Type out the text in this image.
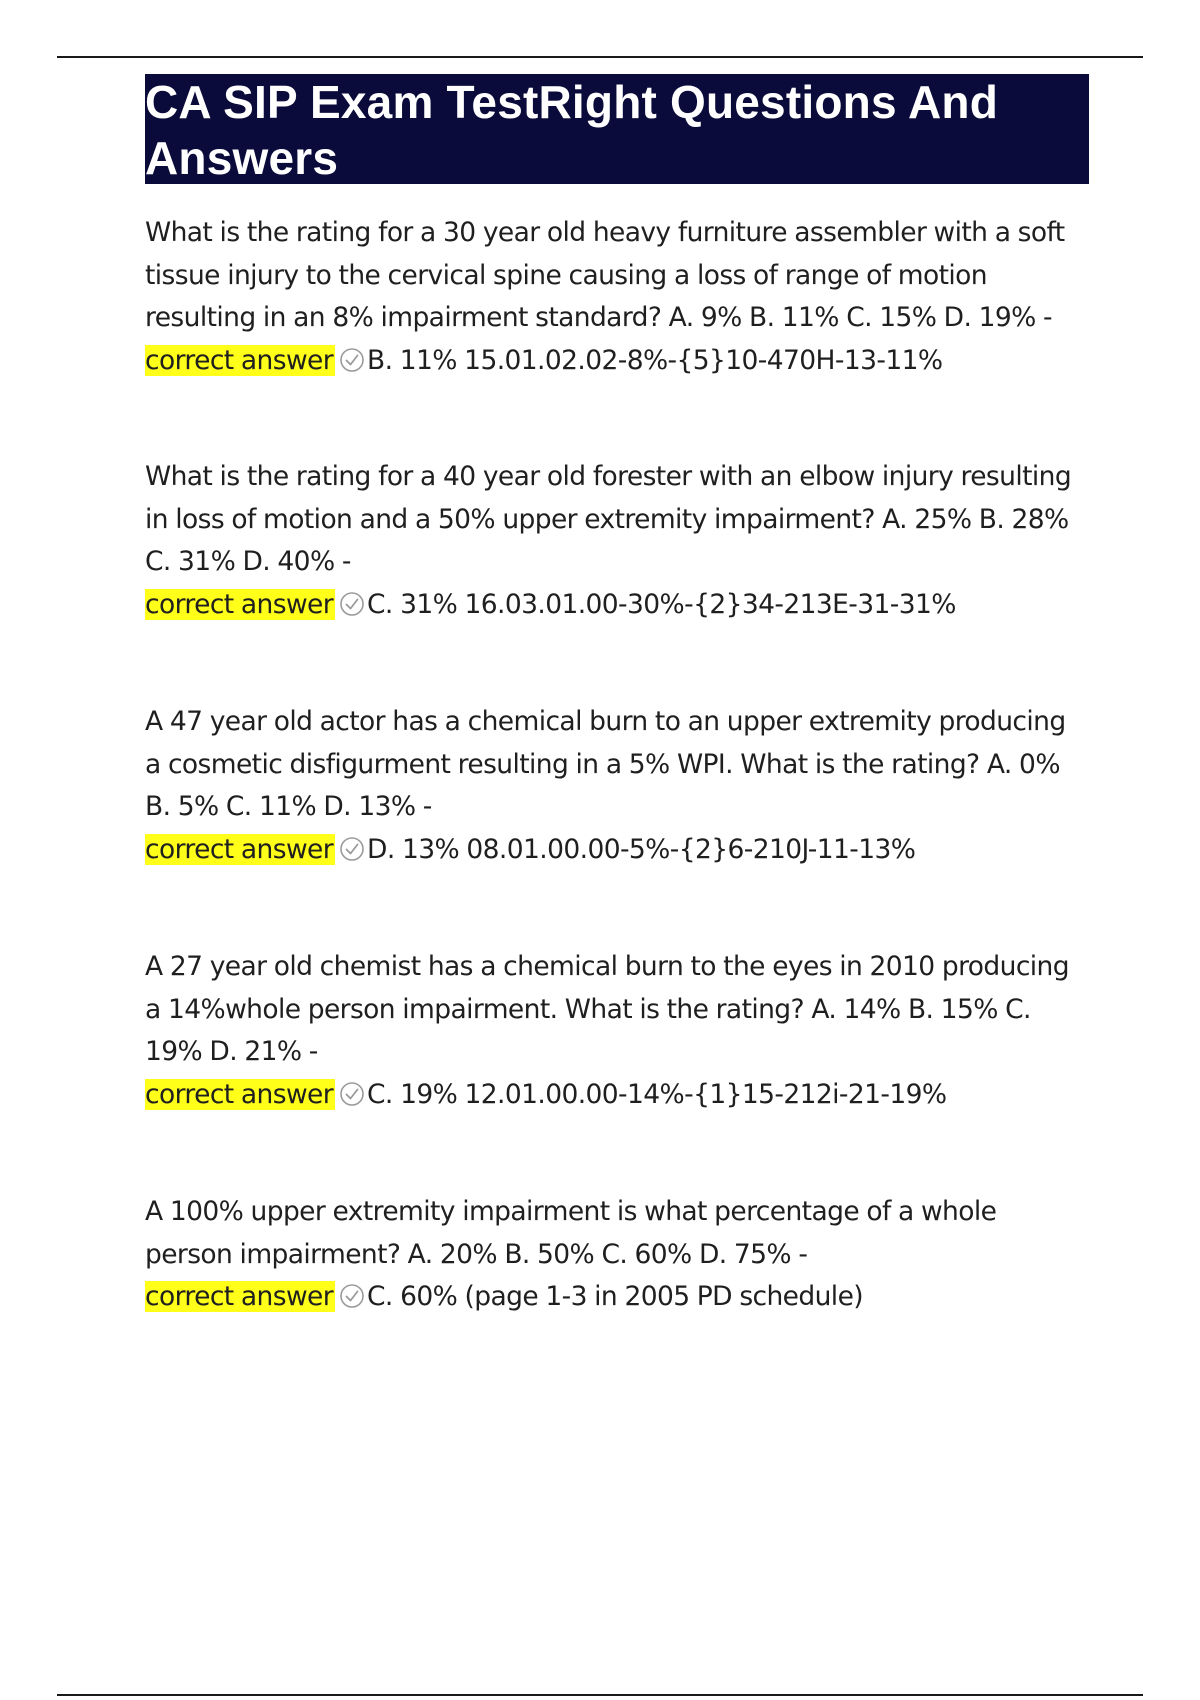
CA SIP Exam TestRight Questions And Answers
What is the rating for a 30 year old heavy furniture assembler with a soft tissue injury to the cervical spine causing a loss of range of motion resulting in an 8% impairment standard? A. 9% B. 11% C. 15% D. 19% -
correct answer B. 11% 15.01.02.02-8%-{5}10-470H-13-11%
What is the rating for a 40 year old forester with an elbow injury resulting in loss of motion and a 50% upper extremity impairment? A. 25% B. 28% C. 31% D. 40% -
correct answer C. 31% 16.03.01.00-30%-{2}34-213E-31-31%
A 47 year old actor has a chemical burn to an upper extremity producing a cosmetic disfigurment resulting in a 5% WPI. What is the rating? A. 0% B. 5% C. 11% D. 13% -
correct answer D. 13% 08.01.00.00-5%-{2}6-210J-11-13%
A 27 year old chemist has a chemical burn to the eyes in 2010 producing a 14%whole person impairment. What is the rating? A. 14% B. 15% C. 19% D. 21% -
correct answer C. 19% 12.01.00.00-14%-{1}15-212i-21-19%
A 100% upper extremity impairment is what percentage of a whole person impairment? A. 20% B. 50% C. 60% D. 75% -
correct answer C. 60% (page 1-3 in 2005 PD schedule)
